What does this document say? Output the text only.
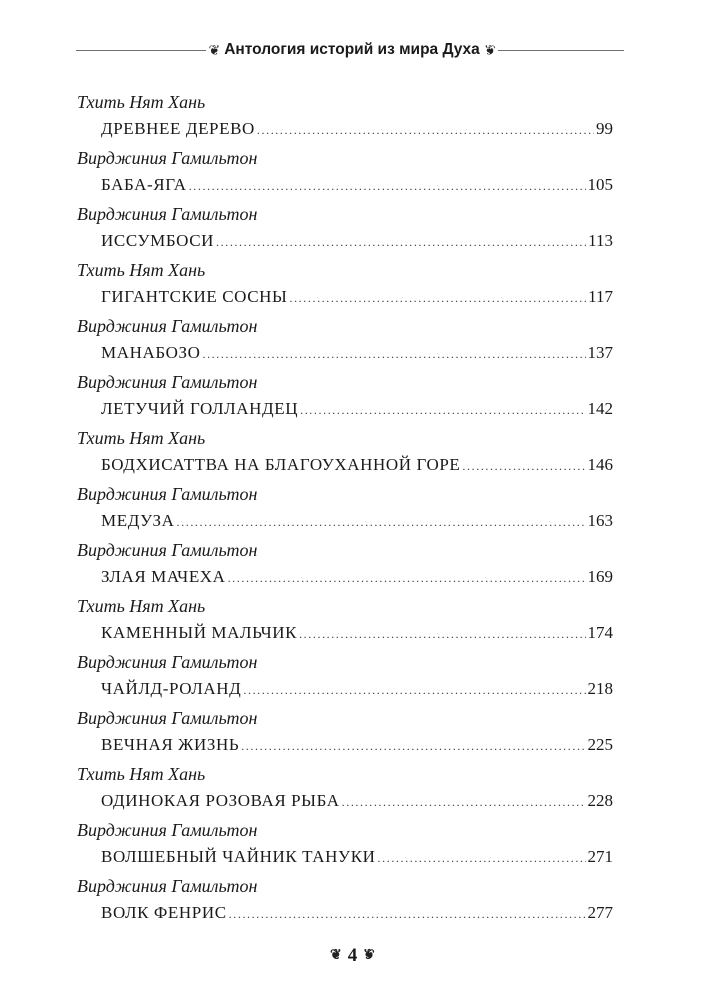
❦ Антология историй из мира Духа ❦
Тхить Нят Хань
ДРЕВНЕЕ ДЕРЕВО .....	99
Вирджиния Гамильтон
БАБА-ЯГА .....	105
Вирджиния Гамильтон
ИССУМБОСИ .....	113
Тхить Нят Хань
ГИГАНТСКИЕ СОСНЫ .....	117
Вирджиния Гамильтон
МАНАБОЗО .....	137
Вирджиния Гамильтон
ЛЕТУЧИЙ ГОЛЛАНДЕЦ .....	142
Тхить Нят Хань
БОДХИСАТТВА НА БЛАГОУХАННОЙ ГОРЕ .....	146
Вирджиния Гамильтон
МЕДУЗА .....	163
Вирджиния Гамильтон
ЗЛАЯ МАЧЕХА .....	169
Тхить Нят Хань
КАМЕННЫЙ МАЛЬЧИК .....	174
Вирджиния Гамильтон
ЧАЙЛД-РОЛАНД .....	218
Вирджиния Гамильтон
ВЕЧНАЯ ЖИЗНЬ .....	225
Тхить Нят Хань
ОДИНОКАЯ РОЗОВАЯ РЫБА .....	228
Вирджиния Гамильтон
ВОЛШЕБНЫЙ ЧАЙНИК ТАНУКИ .....	271
Вирджиния Гамильтон
ВОЛК ФЕНРИС .....	277
❦ 4 ❦
